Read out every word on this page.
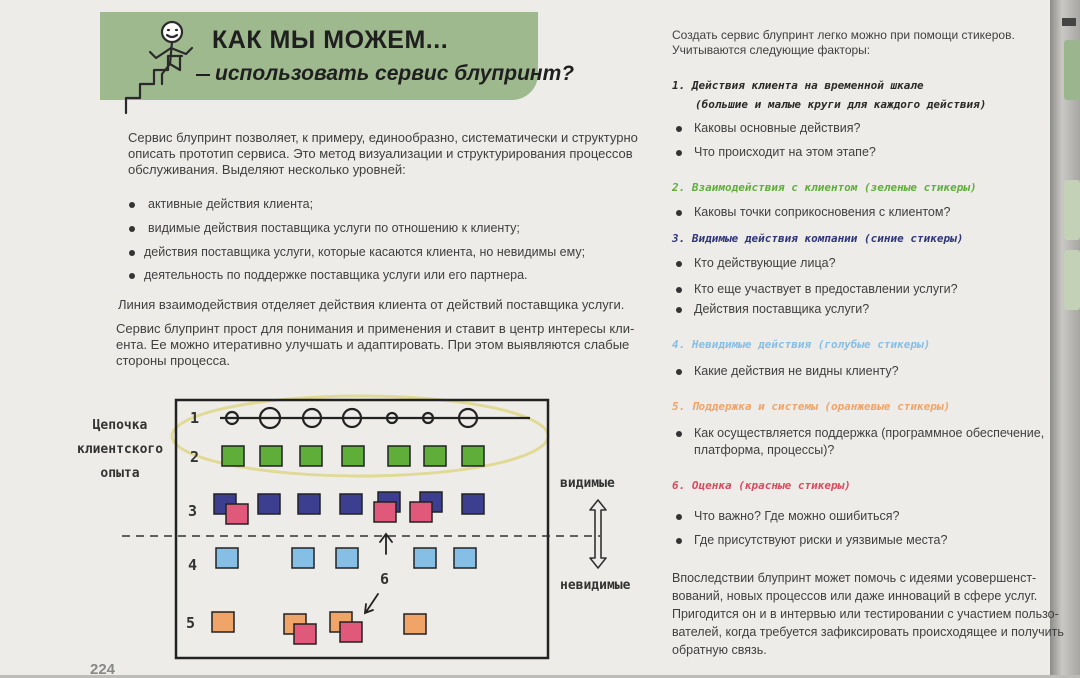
КАК МЫ МОЖЕМ...
использовать сервис блупринт?
Сервис блупринт позволяет, к примеру, единообразно, систематически и структурно
описать прототип сервиса. Это метод визуализации и структурирования процессов
обслуживания. Выделяют несколько уровней:
активные действия клиента;
видимые действия поставщика услуги по отношению к клиенту;
действия поставщика услуги, которые касаются клиента, но невидимы ему;
деятельность по поддержке поставщика услуги или его партнера.
Линия взаимодействия отделяет действия клиента от действий поставщика услуги.
Сервис блупринт прост для понимания и применения и ставит в центр интересы кли-
ента. Ее можно итеративно улучшать и адаптировать. При этом выявляются слабые
стороны процесса.
Цепочка
клиентского
опыта
видимые
невидимые
1
2
3
4
5
6
224
Создать сервис блупринт легко можно при помощи стикеров.
Учитываются следующие факторы:
1. Действия клиента на временной шкале
(большие и малые круги для каждого действия)
Каковы основные действия?
Что происходит на этом этапе?
2. Взаимодействия с клиентом (зеленые стикеры)
Каковы точки соприкосновения с клиентом?
3. Видимые действия компании (синие стикеры)
Кто действующие лица?
Кто еще участвует в предоставлении услуги?
Действия поставщика услуги?
4. Невидимые действия (голубые стикеры)
Какие действия не видны клиенту?
5. Поддержка и системы (оранжевые стикеры)
Как осуществляется поддержка (программное обеспечение,
платформа, процессы)?
6. Оценка (красные стикеры)
Что важно? Где можно ошибиться?
Где присутствуют риски и уязвимые места?
Впоследствии блупринт может помочь с идеями усовершенст-
вований, новых процессов или даже инноваций в сфере услуг.
Пригодится он и в интервью или тестировании с участием пользо-
вателей, когда требуется зафиксировать происходящее и получить
обратную связь.
